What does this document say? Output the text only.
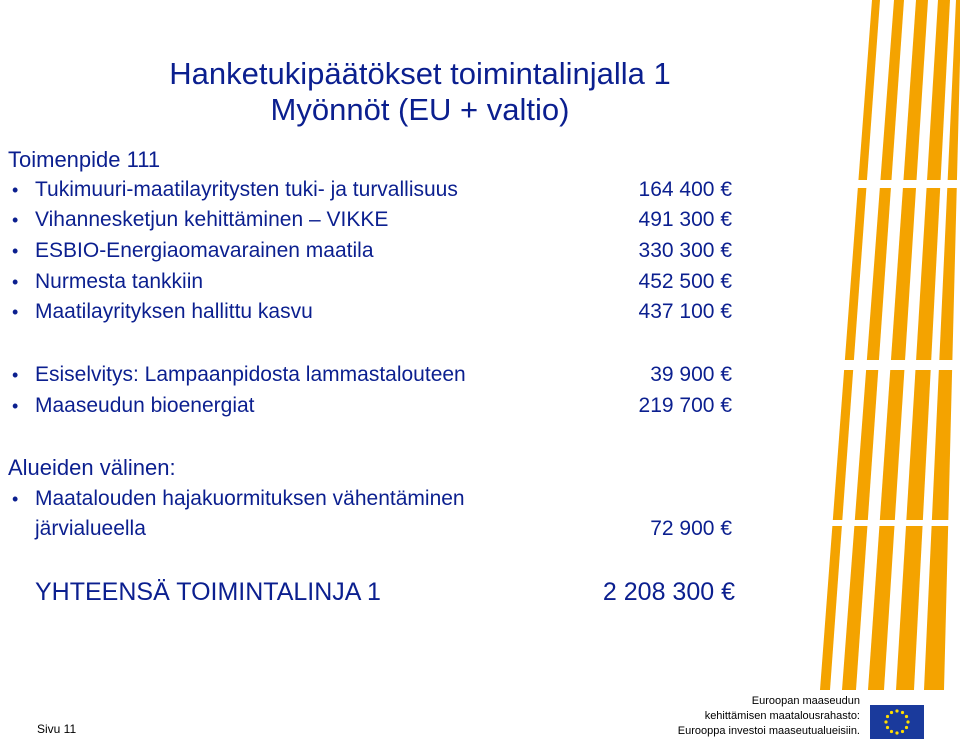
Hanketukipäätökset toimintalinjalla 1
Myönnöt (EU + valtio)
Toimenpide 111
• Tukimuuri-maatilayritysten tuki- ja turvallisuus	164 400 €
• Vihannesketjun kehittäminen – VIKKE	491 300 €
• ESBIO-Energiaomavarainen maatila	330 300 €
• Nurmesta tankkiin	452 500 €
• Maatilayrityksen hallittu kasvu	437 100 €
• Esiselvitys: Lampaanpidosta lammastalouteen	39 900 €
• Maaseudun bioenergiat	219 700 €
Alueiden välinen:
• Maatalouden hajakuormituksen vähentäminen
järvialueella	72 900 €
YHTEENSÄ TOIMINTALINJA 1	2 208 300 €
Sivu 11
Euroopan maaseudun
kehittämisen maatalousrahasto:
Eurooppa investoi maaseutualueisiin.
